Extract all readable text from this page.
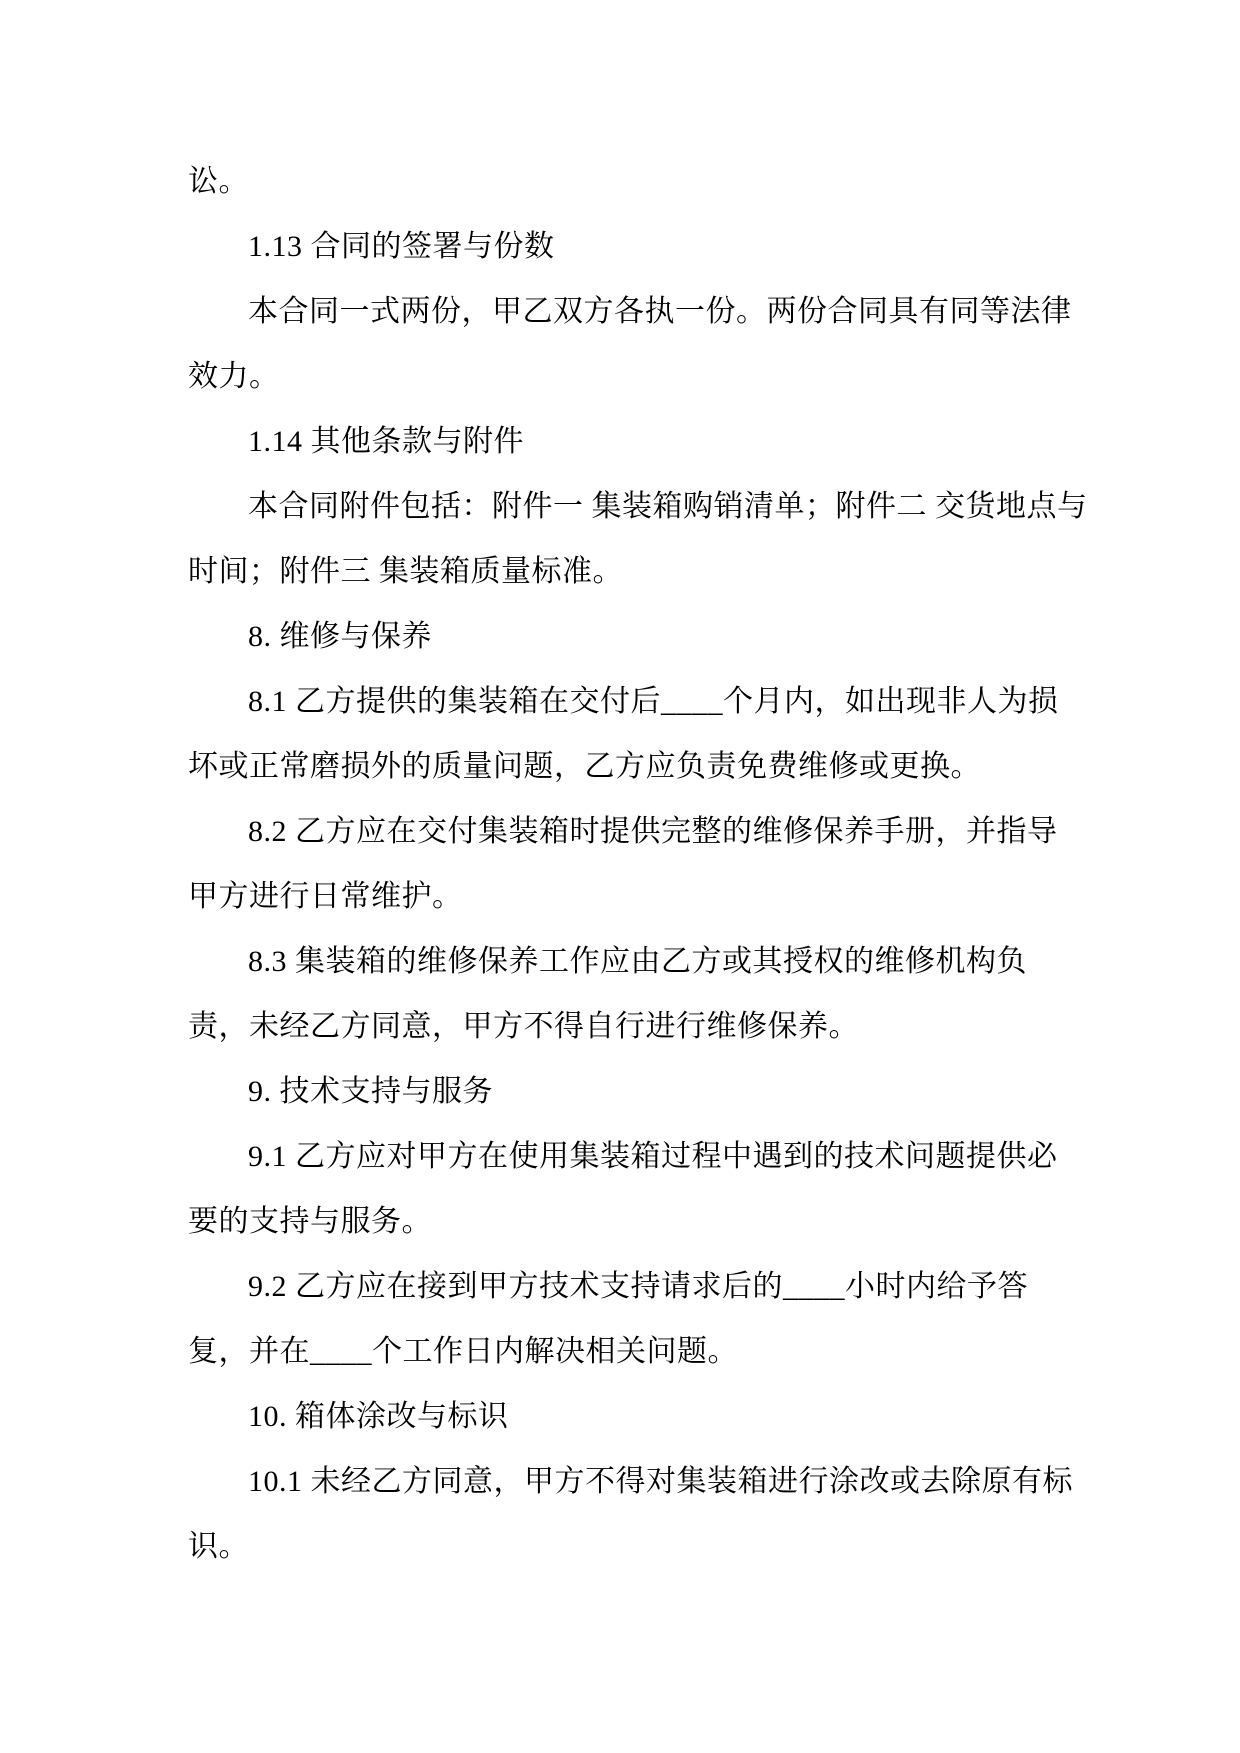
讼。
1.13 合同的签署与份数
本合同一式两份，甲乙双方各执一份。两份合同具有同等法律
效力。
1.14 其他条款与附件
本合同附件包括：附件一 集装箱购销清单；附件二 交货地点与
时间；附件三 集装箱质量标准。
8. 维修与保养
8.1 乙方提供的集装箱在交付后____个月内，如出现非人为损
坏或正常磨损外的质量问题，乙方应负责免费维修或更换。
8.2 乙方应在交付集装箱时提供完整的维修保养手册，并指导
甲方进行日常维护。
8.3 集装箱的维修保养工作应由乙方或其授权的维修机构负
责，未经乙方同意，甲方不得自行进行维修保养。
9. 技术支持与服务
9.1 乙方应对甲方在使用集装箱过程中遇到的技术问题提供必
要的支持与服务。
9.2 乙方应在接到甲方技术支持请求后的____小时内给予答
复，并在____个工作日内解决相关问题。
10. 箱体涂改与标识
10.1 未经乙方同意，甲方不得对集装箱进行涂改或去除原有标
识。
